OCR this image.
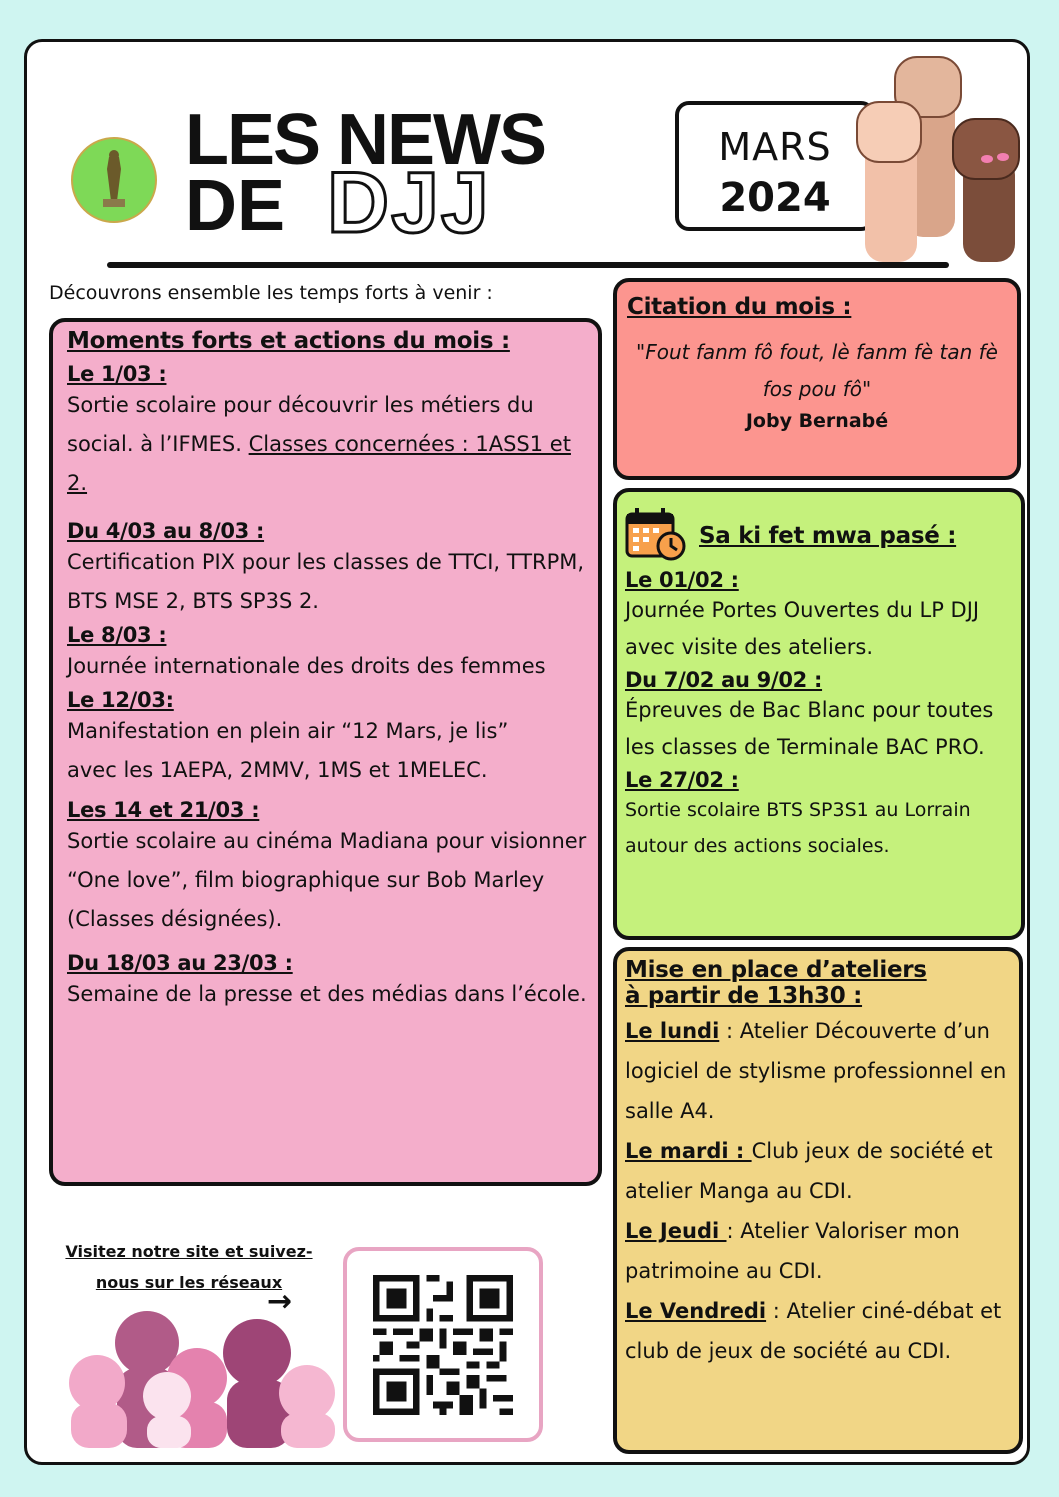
LES NEWS
DE DJJ
MARS
2024
Découvrons ensemble les temps forts à venir :
Moments forts et actions du mois :
Le 1/03 :
Sortie scolaire pour découvrir les métiers du social. à l’IFMES. Classes concernées : 1ASS1 et 2.
Du 4/03 au 8/03 :
Certification PIX pour les classes de TTCI, TTRPM, BTS MSE 2, BTS SP3S 2.
Le 8/03 :
Journée internationale des droits des femmes
Le 12/03:
Manifestation en plein air “12 Mars, je lis” avec les 1AEPA, 2MMV, 1MS et 1MELEC.
Les 14 et 21/03 :
Sortie scolaire au cinéma Madiana pour visionner “One love”, film biographique sur Bob Marley (Classes désignées).
Du 18/03 au 23/03 :
Semaine de la presse et des médias dans l’école.
Citation du mois :
"Fout fanm fô fout, lè fanm fè tan fè fos pou fô"
Joby Bernabé
Sa ki fet mwa pasé :
Le 01/02 :
Journée Portes Ouvertes du LP DJJ avec visite des ateliers.
Du 7/02 au 9/02 :
Épreuves de Bac Blanc pour toutes les classes de Terminale BAC PRO.
Le 27/02 :
Sortie scolaire BTS SP3S1 au Lorrain autour des actions sociales.
Mise en place d’ateliers
à partir de 13h30 :
Le lundi : Atelier Découverte d’un logiciel de stylisme professionnel en salle A4.
Le mardi : Club jeux de société et atelier Manga au CDI.
Le Jeudi : Atelier Valoriser mon patrimoine au CDI.
Le Vendredi : Atelier ciné-débat et club de jeux de société au CDI.
Visitez notre site et suivez-
nous sur les réseaux
→
